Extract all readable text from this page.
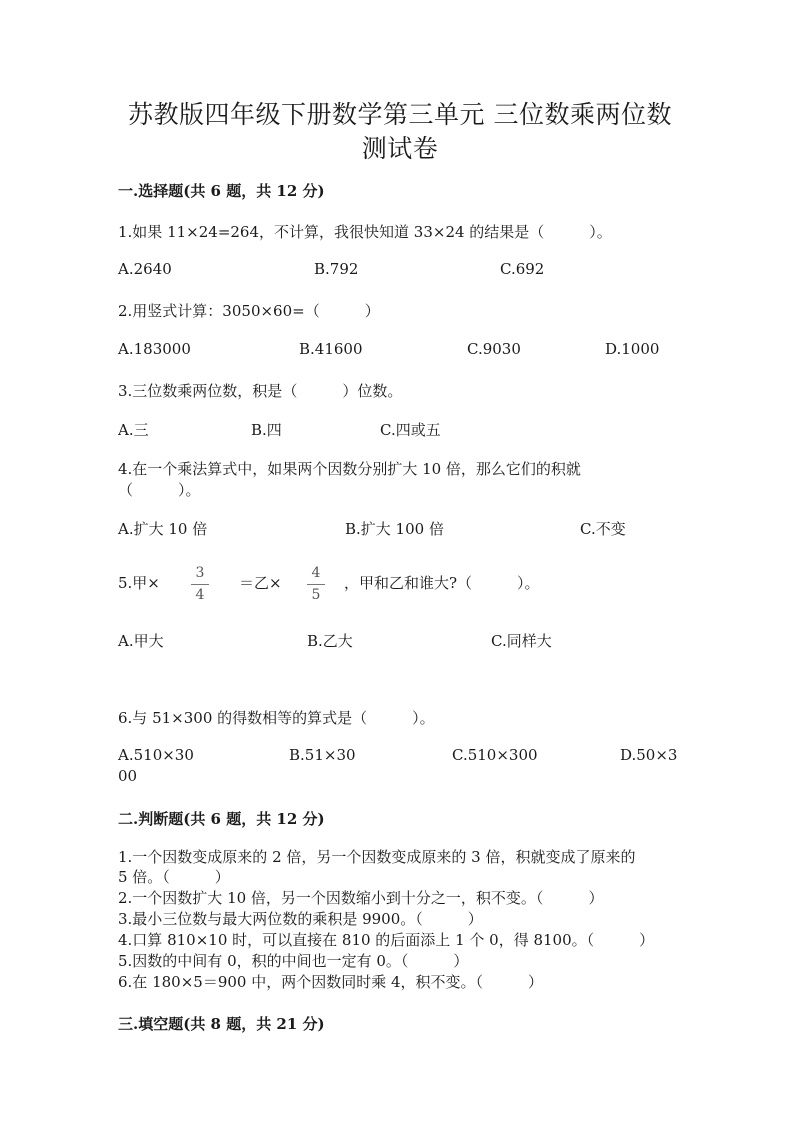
苏教版四年级下册数学第三单元 三位数乘两位数
测试卷
一.选择题(共 6 题，共 12 分)
1.如果 11×24=264，不计算，我很快知道 33×24 的结果是（　　　）。
A.2640	B.792	C.692
2.用竖式计算：3050×60=（　　　）
A.183000	B.41600	C.9030	D.1000
3.三位数乘两位数，积是（　　　）位数。
A.三	B.四	C.四或五
4.在一个乘法算式中，如果两个因数分别扩大 10 倍，那么它们的积就
（　　　）。
A.扩大 10 倍	B.扩大 100 倍	C.不变
5.甲×
3
4
＝乙×
4
5
，甲和乙和谁大?（　　　）。
A.甲大	B.乙大	C.同样大
6.与 51×300 的得数相等的算式是（　　　）。
A.510×30	B.51×30	C.510×300	D.50×3
00
二.判断题(共 6 题，共 12 分)
1.一个因数变成原来的 2 倍，另一个因数变成原来的 3 倍，积就变成了原来的
5 倍。（　　　）
2.一个因数扩大 10 倍，另一个因数缩小到十分之一，积不变。（　　　）
3.最小三位数与最大两位数的乘积是 9900。（　　　）
4.口算 810×10 时，可以直接在 810 的后面添上 1 个 0，得 8100。（　　　）
5.因数的中间有 0，积的中间也一定有 0。（　　　）
6.在 180×5＝900 中，两个因数同时乘 4，积不变。（　　　）
三.填空题(共 8 题，共 21 分)
